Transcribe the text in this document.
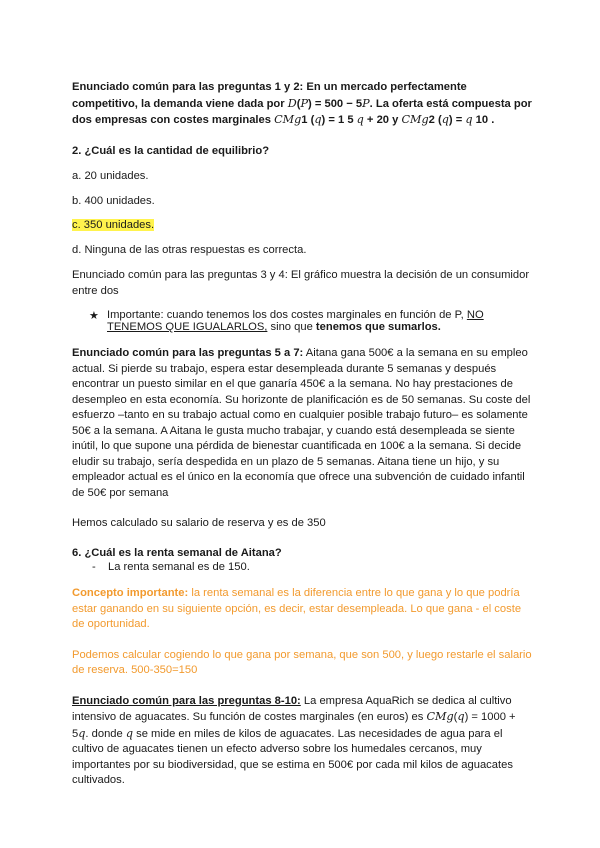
Enunciado común para las preguntas 1 y 2: En un mercado perfectamente competitivo, la demanda viene dada por D(P) = 500 − 5P. La oferta está compuesta por dos empresas con costes marginales CMg1 (q) = 1 5 q + 20 y CMg2 (q) = q 10 .

2. ¿Cuál es la cantidad de equilibrio?

a. 20 unidades.

b. 400 unidades.

c. 350 unidades.

d. Ninguna de las otras respuestas es correcta.

Enunciado común para las preguntas 3 y 4: El gráfico muestra la decisión de un consumidor entre dos

★ Importante: cuando tenemos los dos costes marginales en función de P, NO TENEMOS QUE IGUALARLOS, sino que tenemos que sumarlos.

Enunciado común para las preguntas 5 a 7: Aitana gana 500€ a la semana en su empleo actual. Si pierde su trabajo, espera estar desempleada durante 5 semanas y después encontrar un puesto similar en el que ganaría 450€ a la semana. No hay prestaciones de desempleo en esta economía. Su horizonte de planificación es de 50 semanas. Su coste del esfuerzo –tanto en su trabajo actual como en cualquier posible trabajo futuro– es solamente 50€ a la semana. A Aitana le gusta mucho trabajar, y cuando está desempleada se siente inútil, lo que supone una pérdida de bienestar cuantificada en 100€ a la semana. Si decide eludir su trabajo, sería despedida en un plazo de 5 semanas. Aitana tiene un hijo, y su empleador actual es el único en la economía que ofrece una subvención de cuidado infantil de 50€ por semana

Hemos calculado su salario de reserva y es de 350

6. ¿Cuál es la renta semanal de Aitana?

- La renta semanal es de 150.

Concepto importante: la renta semanal es la diferencia entre lo que gana y lo que podría estar ganando en su siguiente opción, es decir, estar desempleada. Lo que gana - el coste de oportunidad.

Podemos calcular cogiendo lo que gana por semana, que son 500, y luego restarle el salario de reserva. 500-350=150

Enunciado común para las preguntas 8-10: La empresa AquaRich se dedica al cultivo intensivo de aguacates. Su función de costes marginales (en euros) es CMg(q) = 1000 + 5q. donde q se mide en miles de kilos de aguacates. Las necesidades de agua para el cultivo de aguacates tienen un efecto adverso sobre los humedales cercanos, muy importantes por su biodiversidad, que se estima en 500€ por cada mil kilos de aguacates cultivados.
